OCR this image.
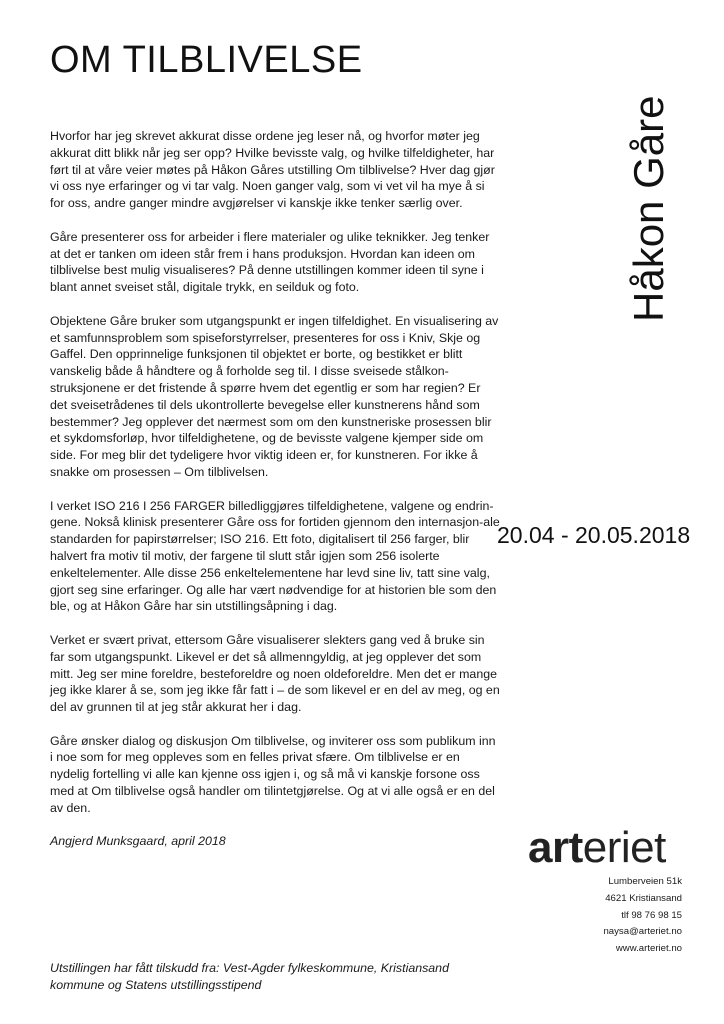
OM TILBLIVELSE
Håkon Gåre
20.04 - 20.05.2018

Hvorfor har jeg skrevet akkurat disse ordene jeg leser nå, og hvorfor møter jeg akkurat ditt blikk når jeg ser opp? Hvilke bevisste valg, og hvilke tilfeldigheter, har ført til at våre veier møtes på Håkon Gåres utstilling Om tilblivelse? Hver dag gjør vi oss nye erfaringer og vi tar valg. Noen ganger valg, som vi vet vil ha mye å si for oss, andre ganger mindre avgjørelser vi kanskje ikke tenker særlig over.

Gåre presenterer oss for arbeider i flere materialer og ulike teknikker. Jeg tenker at det er tanken om ideen står frem i hans produksjon. Hvordan kan ideen om tilblivelse best mulig visualiseres? På denne utstillingen kommer ideen til syne i blant annet sveiset stål, digitale trykk, en seilduk og foto.

Objektene Gåre bruker som utgangspunkt er ingen tilfeldighet. En visualisering av et samfunnsproblem som spiseforstyrrelser, presenteres for oss i Kniv, Skje og Gaffel. Den opprinnelige funksjonen til objektet er borte, og bestikket er blitt vanskelig både å håndtere og å forholde seg til. I disse sveisede stålkon-struksjonene er det fristende å spørre hvem det egentlig er som har regien? Er det sveisetrådenes til dels ukontrollerte bevegelse eller kunstnerens hånd som bestemmer? Jeg opplever det nærmest som om den kunstneriske prosessen blir et sykdomsforløp, hvor tilfeldighetene, og de bevisste valgene kjemper side om side. For meg blir det tydeligere hvor viktig ideen er, for kunstneren. For ikke å snakke om prosessen – Om tilblivelsen.

I verket ISO 216 I 256 FARGER billedliggjøres tilfeldighetene, valgene og endrin-gene. Nokså klinisk presenterer Gåre oss for fortiden gjennom den internasjon-ale standarden for papirstørrelser; ISO 216. Ett foto, digitalisert til 256 farger, blir halvert fra motiv til motiv, der fargene til slutt står igjen som 256 isolerte enkeltelementer. Alle disse 256 enkeltelementene har levd sine liv, tatt sine valg, gjort seg sine erfaringer. Og alle har vært nødvendige for at historien ble som den ble, og at Håkon Gåre har sin utstillingsåpning i dag.

Verket er svært privat, ettersom Gåre visualiserer slekters gang ved å bruke sin far som utgangspunkt. Likevel er det så allmenngyldig, at jeg opplever det som mitt. Jeg ser mine foreldre, besteforeldre og noen oldeforeldre. Men det er mange jeg ikke klarer å se, som jeg ikke får fatt i – de som likevel er en del av meg, og en del av grunnen til at jeg står akkurat her i dag.

Gåre ønsker dialog og diskusjon Om tilblivelse, og inviterer oss som publikum inn i noe som for meg oppleves som en felles privat sfære. Om tilblivelse er en nydelig fortelling vi alle kan kjenne oss igjen i, og så må vi kanskje forsone oss med at Om tilblivelse også handler om tilintetgjørelse. Og at vi alle også er en del av den.

Angjerd Munksgaard, april 2018	arteriet
Lumberveien 51k
4621 Kristiansand
tlf 98 76 98 15
naysa@arteriet.no
www.arteriet.no
Utstillingen har fått tilskudd fra: Vest-Agder fylkeskommune, Kristiansand kommune og Statens utstillingsstipend
